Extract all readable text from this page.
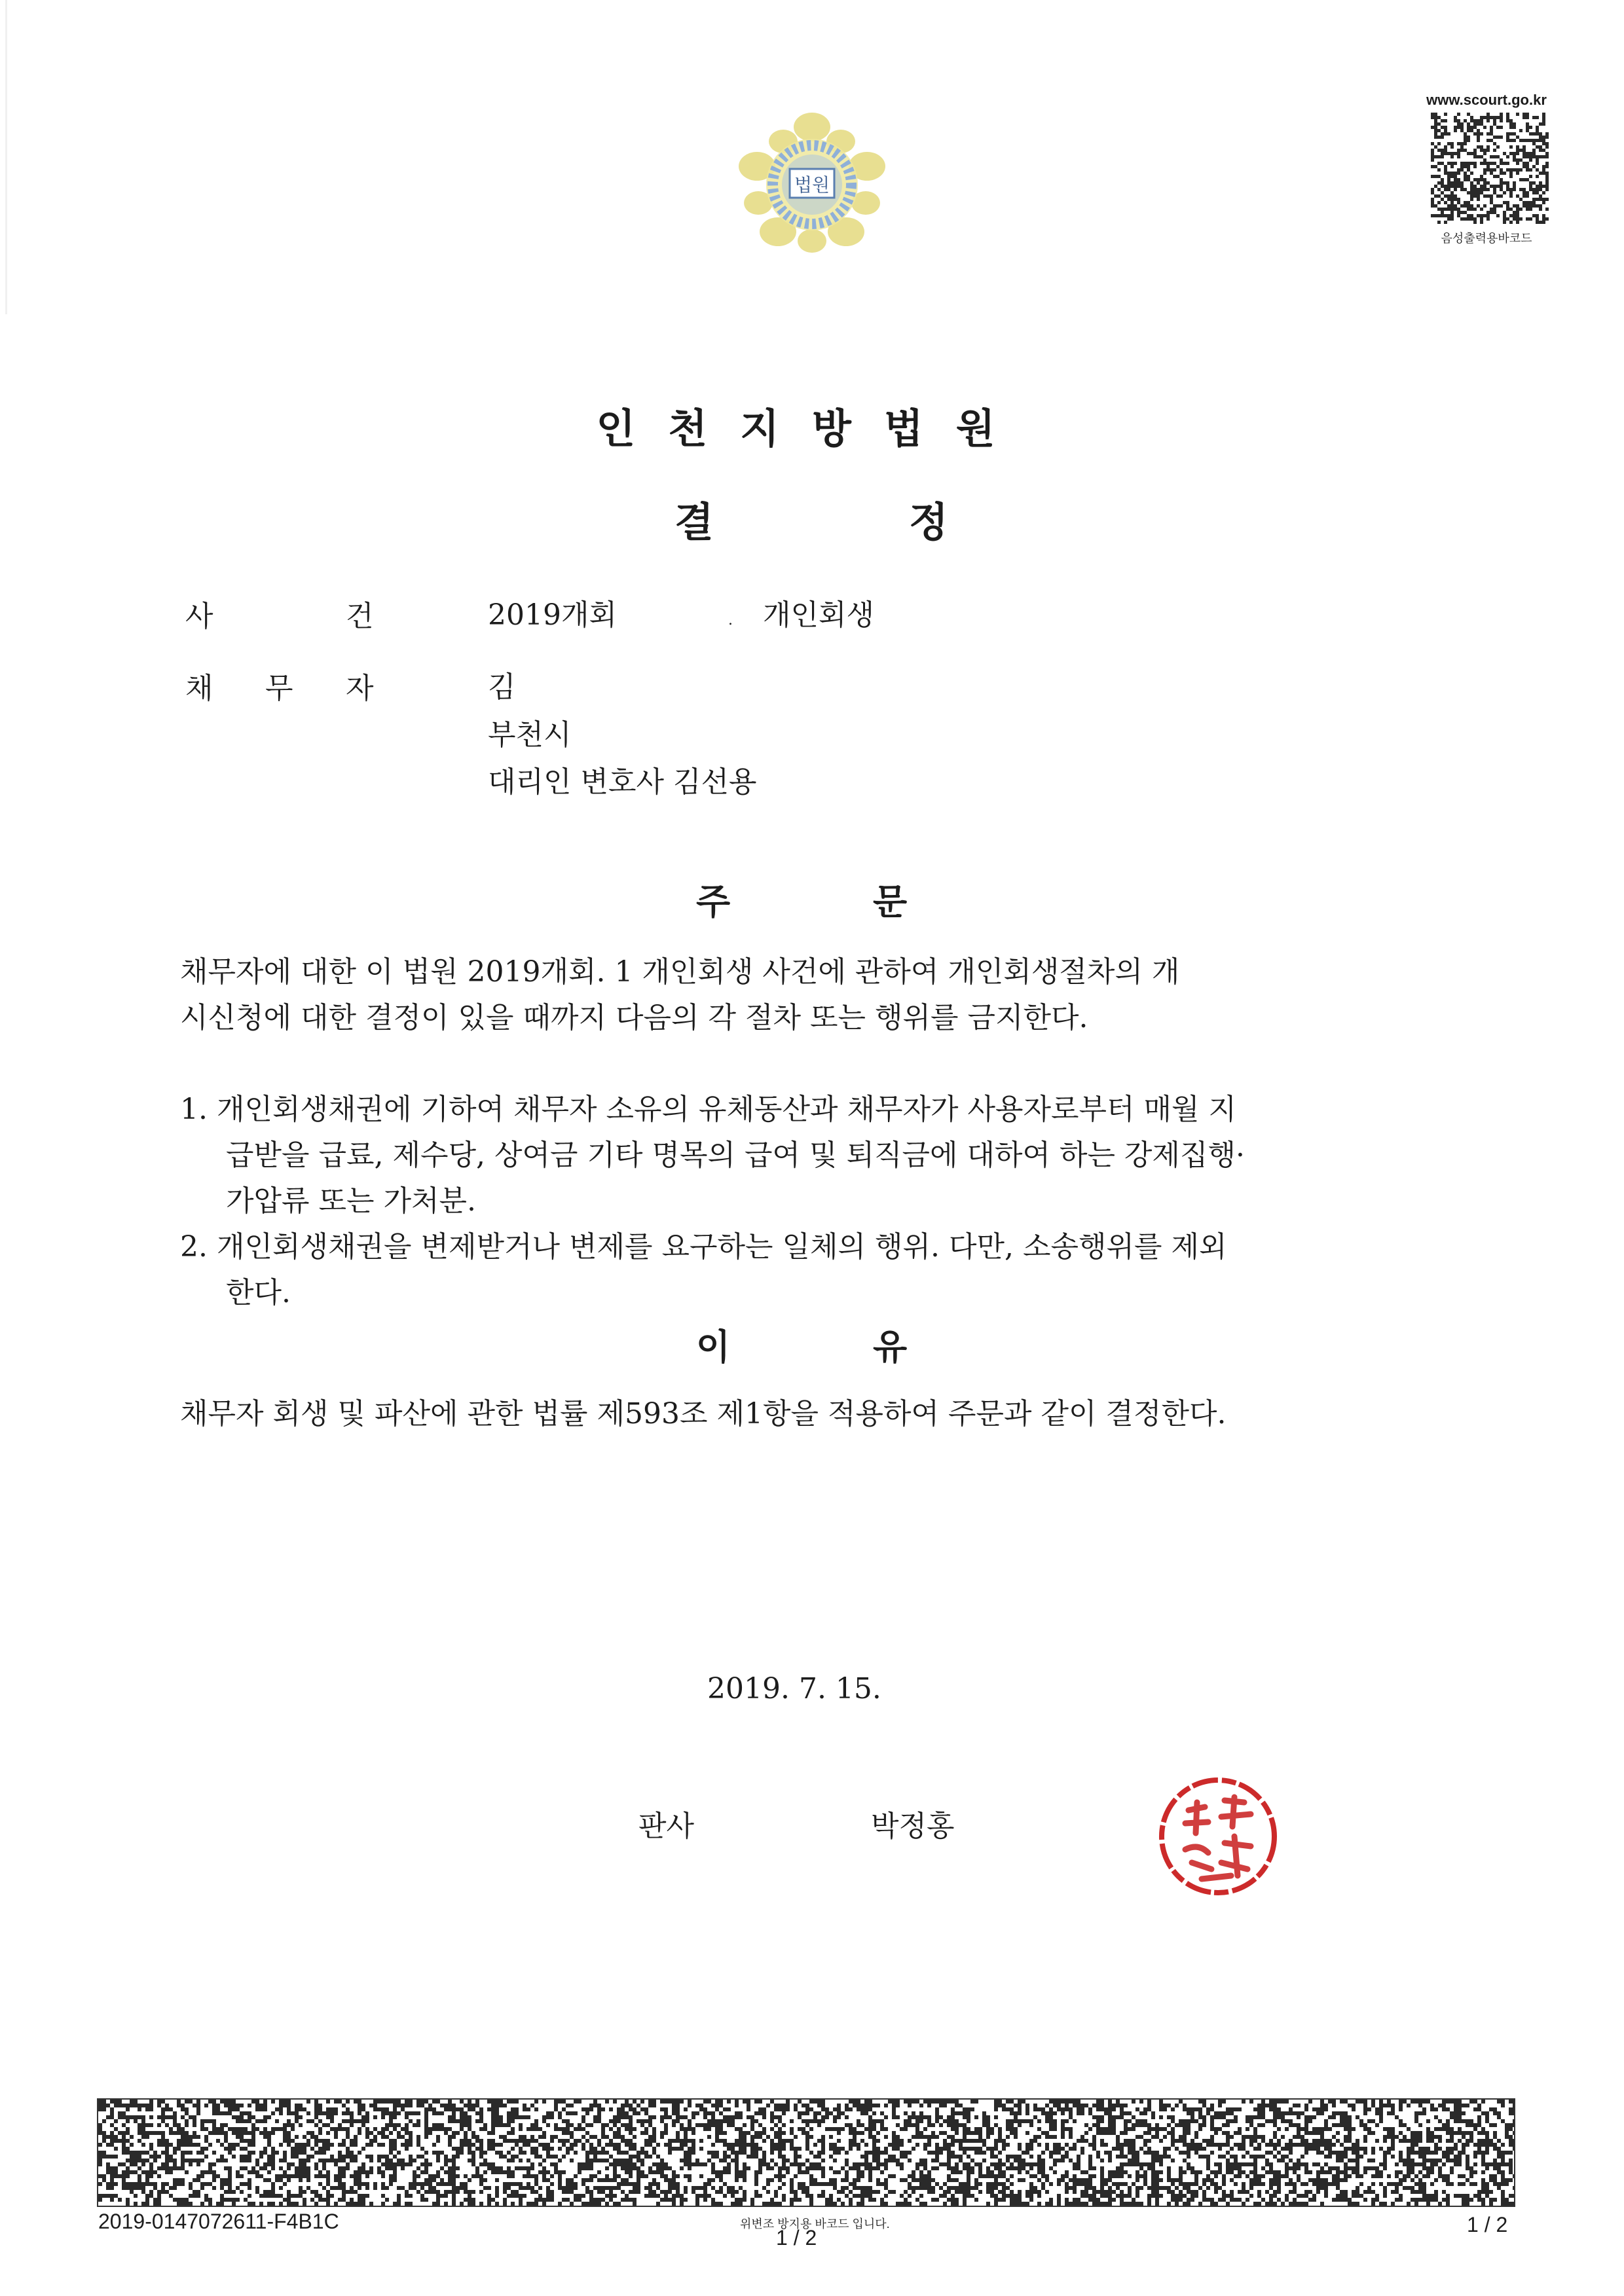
법원
www.scourt.go.kr
음성출력용바코드
인천지방법원
결	정
사	건	2019개회	. 개인회생
채 무 자	김
부천시
대리인 변호사 김선용
주	문
채무자에 대한 이 법원 2019개회. 1 개인회생 사건에 관하여 개인회생절차의 개
시신청에 대한 결정이 있을 때까지 다음의 각 절차 또는 행위를 금지한다.
1. 개인회생채권에 기하여 채무자 소유의 유체동산과 채무자가 사용자로부터 매월 지
급받을 급료, 제수당, 상여금 기타 명목의 급여 및 퇴직금에 대하여 하는 강제집행·
가압류 또는 가처분.
2. 개인회생채권을 변제받거나 변제를 요구하는 일체의 행위. 다만, 소송행위를 제외
한다.
이	유
채무자 회생 및 파산에 관한 법률 제593조 제1항을 적용하여 주문과 같이 결정한다.
2019. 7. 15.
판사	박정홍
2019-0147072611-F4B1C	위변조 방지용 바코드 입니다.
1 / 2
1 / 2
